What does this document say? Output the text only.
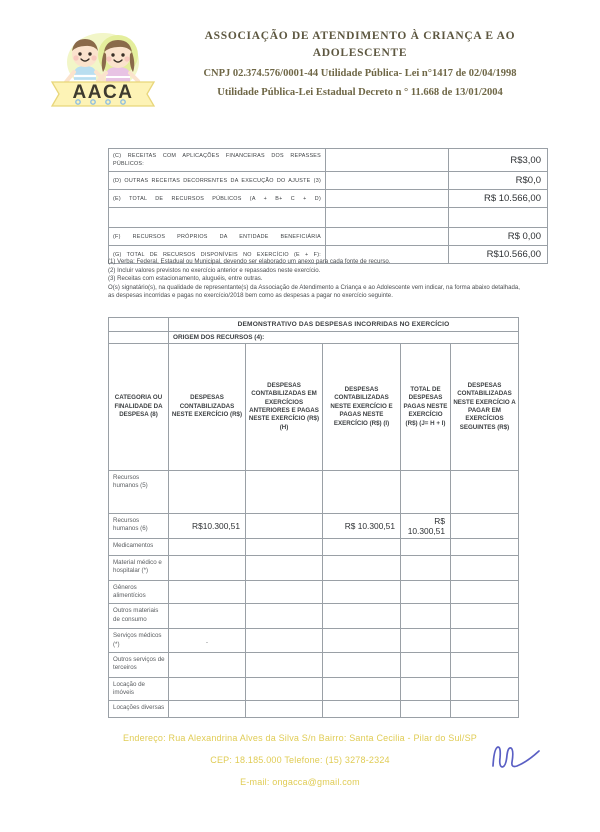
AACA
ASSOCIAÇÃO DE ATENDIMENTO À CRIANÇA E AO
ADOLESCENTE
CNPJ 02.374.576/0001-44 Utilidade Pública- Lei n°1417 de 02/04/1998
Utilidade Pública-Lei Estadual Decreto n ° 11.668 de 13/01/2004
(C) RECEITAS COM APLICAÇÕES FINANCEIRAS DOS REPASSES PÚBLICOS:		R$3,00
(D) OUTRAS RECEITAS DECORRENTES DA EXECUÇÃO DO AJUSTE (3)		R$0,0
(E) TOTAL DE RECURSOS PÚBLICOS (A + B+ C + D)		R$ 10.566,00

(F) RECURSOS PRÓPRIOS DA ENTIDADE BENEFICIÁRIA		R$ 0,00
(G) TOTAL DE RECURSOS DISPONÍVEIS NO EXERCÍCIO (E + F):		R$10.566,00

(1) Verba: Federal, Estadual ou Municipal, devendo ser elaborado um anexo para cada fonte de recurso.

(2) Incluir valores previstos no exercício anterior e repassados neste exercício.

(3) Receitas com estacionamento, aluguéis, entre outras.

O(s) signatário(s), na qualidade de representante(s) da Associação de Atendimento a Criança e ao Adolescente vem indicar, na forma abaixo detalhada, as despesas incorridas e pagas no exercício/2018 bem como as despesas a pagar no exercício seguinte.

	DEMONSTRATIVO DAS DESPESAS INCORRIDAS NO EXERCÍCIO				
	ORIGEM DOS RECURSOS (4):				
CATEGORIA OU FINALIDADE DA DESPESA (8)	DESPESAS CONTABILIZADAS NESTE EXERCÍCIO (R$)	DESPESAS CONTABILIZADAS EM EXERCÍCIOS ANTERIORES E PAGAS NESTE EXERCÍCIO (R$) (H)	DESPESAS CONTABILIZADAS NESTE EXERCÍCIO E PAGAS NESTE EXERCÍCIO (R$) (I)	TOTAL DE DESPESAS PAGAS NESTE EXERCÍCIO (R$) (J= H + I)	DESPESAS CONTABILIZADAS NESTE EXERCÍCIO A PAGAR EM EXERCÍCIOS SEGUINTES (R$)
Recursos humanos (5)					
Recursos humanos (6)	R$10.300,51		R$ 10.300,51	R$ 10.300,51	
Medicamentos					
Material médico e hospitalar (*)					
Gêneros alimentícios					
Outros materiais de consumo					
Serviços médicos (*)	.				
Outros serviços de terceiros					
Locação de imóveis					
Locações diversas					
Endereço: Rua Alexandrina Alves da Silva S/n Bairro: Santa Cecilia - Pilar do Sul/SP
CEP: 18.185.000 Telefone: (15) 3278-2324
E-mail: ongacca@gmail.com
